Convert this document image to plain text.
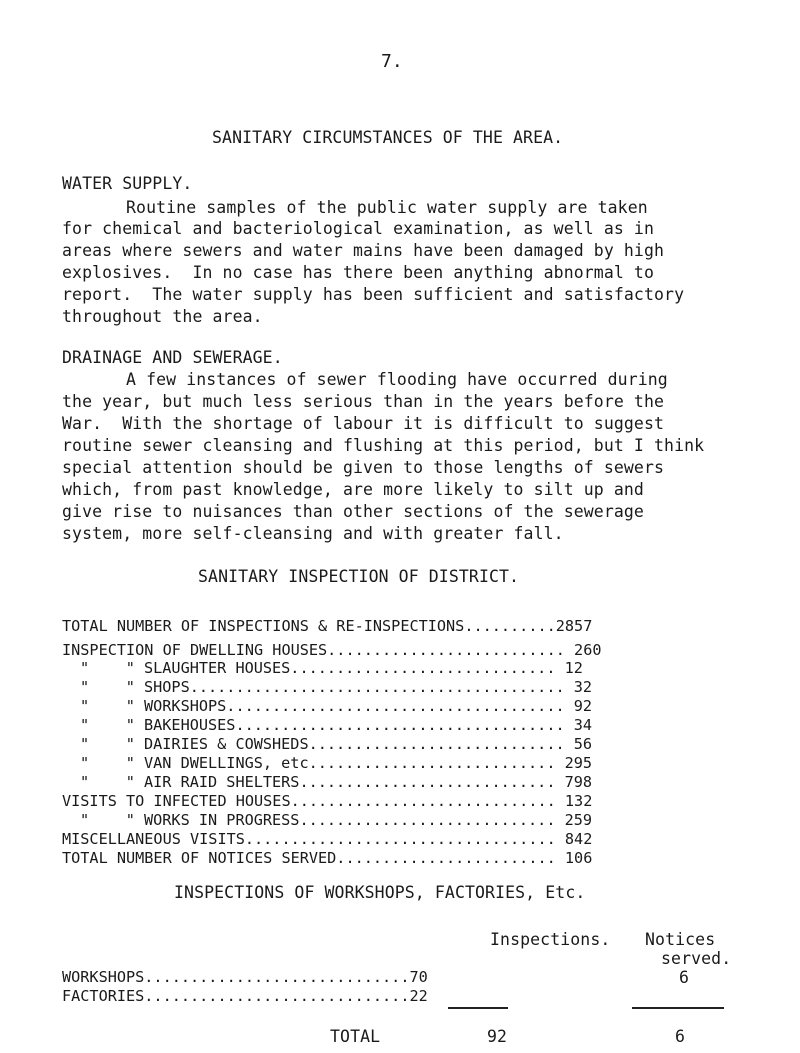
7.
SANITARY CIRCUMSTANCES OF THE AREA.
WATER SUPPLY.
Routine samples of the public water supply are taken
for chemical and bacteriological examination, as well as in
areas where sewers and water mains have been damaged by high
explosives.  In no case has there been anything abnormal to
report.  The water supply has been sufficient and satisfactory
throughout the area.
DRAINAGE AND SEWERAGE.
A few instances of sewer flooding have occurred during
the year, but much less serious than in the years before the
War.  With the shortage of labour it is difficult to suggest
routine sewer cleansing and flushing at this period, but I think
special attention should be given to those lengths of sewers
which, from past knowledge, are more likely to silt up and
give rise to nuisances than other sections of the sewerage
system, more self-cleansing and with greater fall.
SANITARY INSPECTION OF DISTRICT.
TOTAL NUMBER OF INSPECTIONS & RE-INSPECTIONS..........2857
INSPECTION OF DWELLING HOUSES.......................... 260
"    " SLAUGHTER HOUSES............................. 12
"    " SHOPS......................................... 32
"    " WORKSHOPS..................................... 92
"    " BAKEHOUSES.................................... 34
"    " DAIRIES & COWSHEDS............................ 56
"    " VAN DWELLINGS, etc........................... 295
"    " AIR RAID SHELTERS............................ 798
VISITS TO INFECTED HOUSES............................. 132
"    " WORKS IN PROGRESS............................ 259
MISCELLANEOUS VISITS.................................. 842
TOTAL NUMBER OF NOTICES SERVED........................ 106
INSPECTIONS OF WORKSHOPS, FACTORIES, Etc.
Inspections. Notices
served.
6
WORKSHOPS.............................70
FACTORIES.............................22
TOTAL	92	6
